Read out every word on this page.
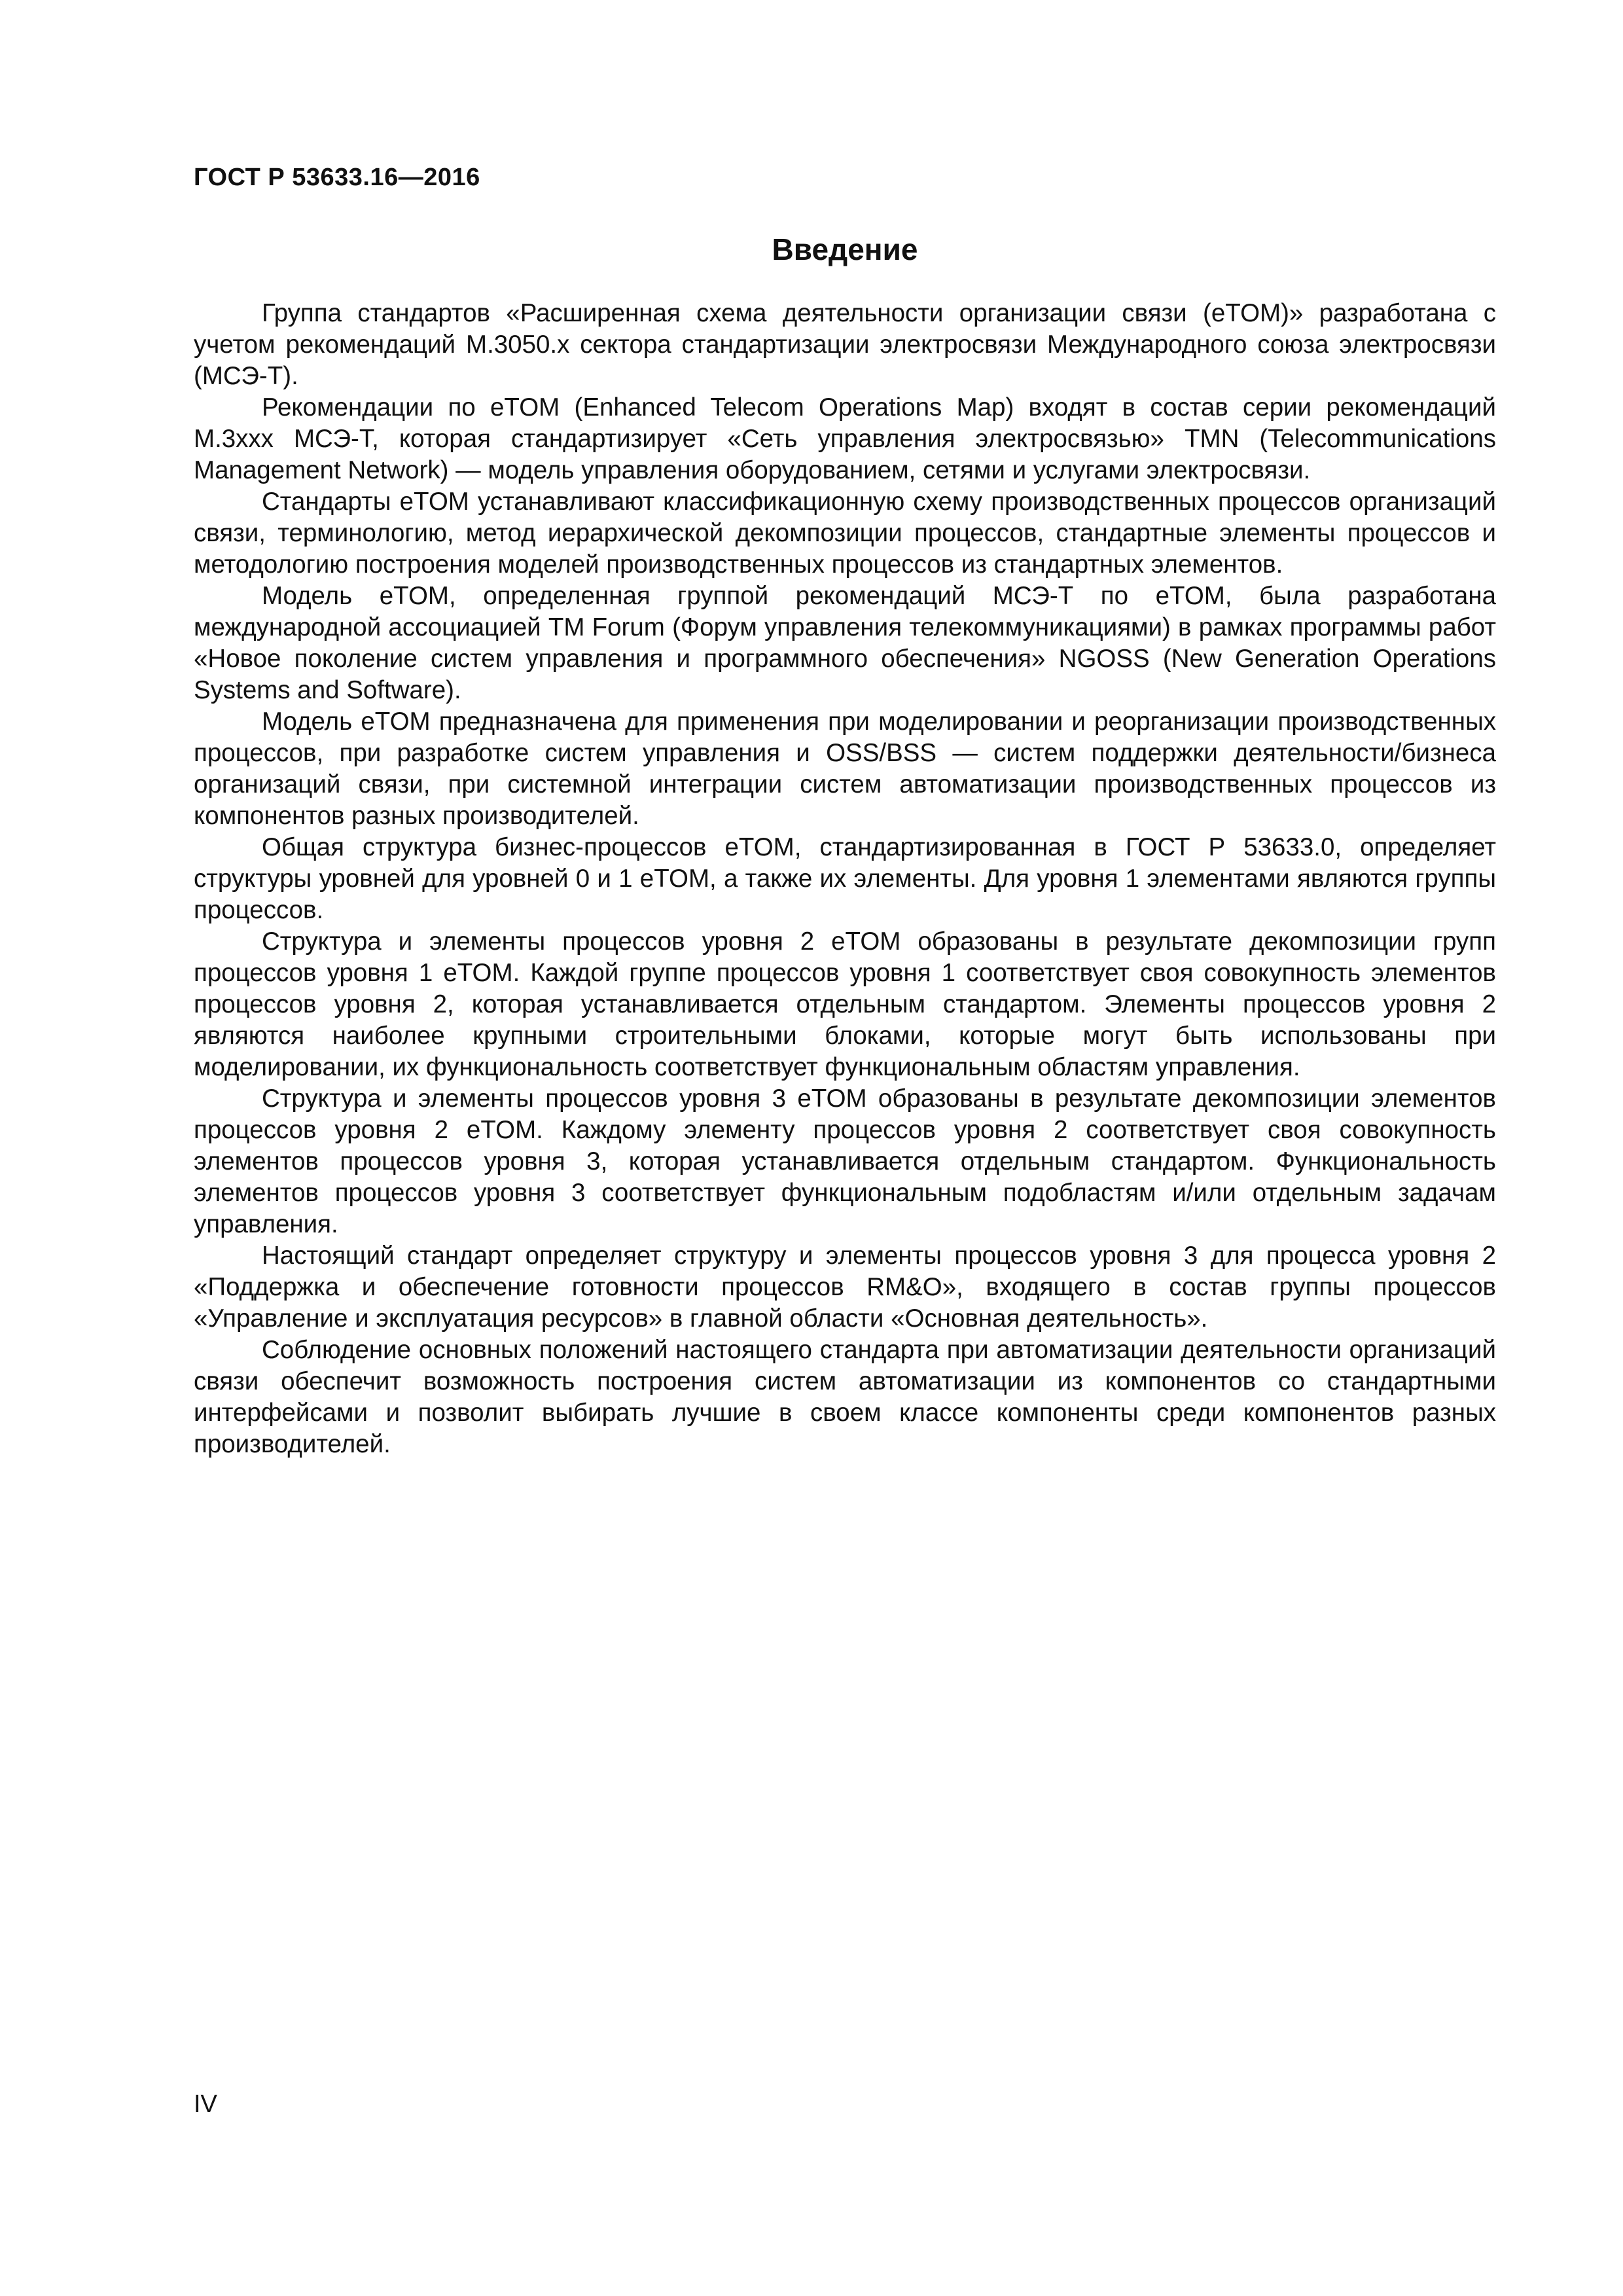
ГОСТ Р 53633.16—2016
Введение

Группа стандартов «Расширенная схема деятельности организации связи (eTOM)» разработана с учетом рекомендаций М.3050.х сектора стандартизации электросвязи Международного союза электросвязи (МСЭ-Т).

Рекомендации по eTOM (Enhanced Telecom Operations Map) входят в состав серии рекомендаций М.3ххх МСЭ-Т, которая стандартизирует «Сеть управления электросвязью» TMN (Telecommunications Management Network) — модель управления оборудованием, сетями и услугами электросвязи.

Стандарты eTOM устанавливают классификационную схему производственных процессов организаций связи, терминологию, метод иерархической декомпозиции процессов, стандартные элементы процессов и методологию построения моделей производственных процессов из стандартных элементов.

Модель eTOM, определенная группой рекомендаций МСЭ-Т по eTOM, была разработана международной ассоциацией TM Forum (Форум управления телекоммуникациями) в рамках программы работ «Новое поколение систем управления и программного обеспечения» NGOSS (New Generation Operations Systems and Software).

Модель eTOM предназначена для применения при моделировании и реорганизации производственных процессов, при разработке систем управления и OSS/BSS — систем поддержки деятельности/бизнеса организаций связи, при системной интеграции систем автоматизации производственных процессов из компонентов разных производителей.

Общая структура бизнес-процессов eTOM, стандартизированная в ГОСТ Р 53633.0, определяет структуры уровней для уровней 0 и 1 eTOM, а также их элементы. Для уровня 1 элементами являются группы процессов.

Структура и элементы процессов уровня 2 eTOM образованы в результате декомпозиции групп процессов уровня 1 eTOM. Каждой группе процессов уровня 1 соответствует своя совокупность элементов процессов уровня 2, которая устанавливается отдельным стандартом. Элементы процессов уровня 2 являются наиболее крупными строительными блоками, которые могут быть использованы при моделировании, их функциональность соответствует функциональным областям управления.

Структура и элементы процессов уровня 3 eTOM образованы в результате декомпозиции элементов процессов уровня 2 eTOM. Каждому элементу процессов уровня 2 соответствует своя совокупность элементов процессов уровня 3, которая устанавливается отдельным стандартом. Функциональность элементов процессов уровня 3 соответствует функциональным подобластям и/или отдельным задачам управления.

Настоящий стандарт определяет структуру и элементы процессов уровня 3 для процесса уровня 2 «Поддержка и обеспечение готовности процессов RM&O», входящего в состав группы процессов «Управление и эксплуатация ресурсов» в главной области «Основная деятельность».

Соблюдение основных положений настоящего стандарта при автоматизации деятельности организаций связи обеспечит возможность построения систем автоматизации из компонентов со стандартными интерфейсами и позволит выбирать лучшие в своем классе компоненты среди компонентов разных производителей.

IV
